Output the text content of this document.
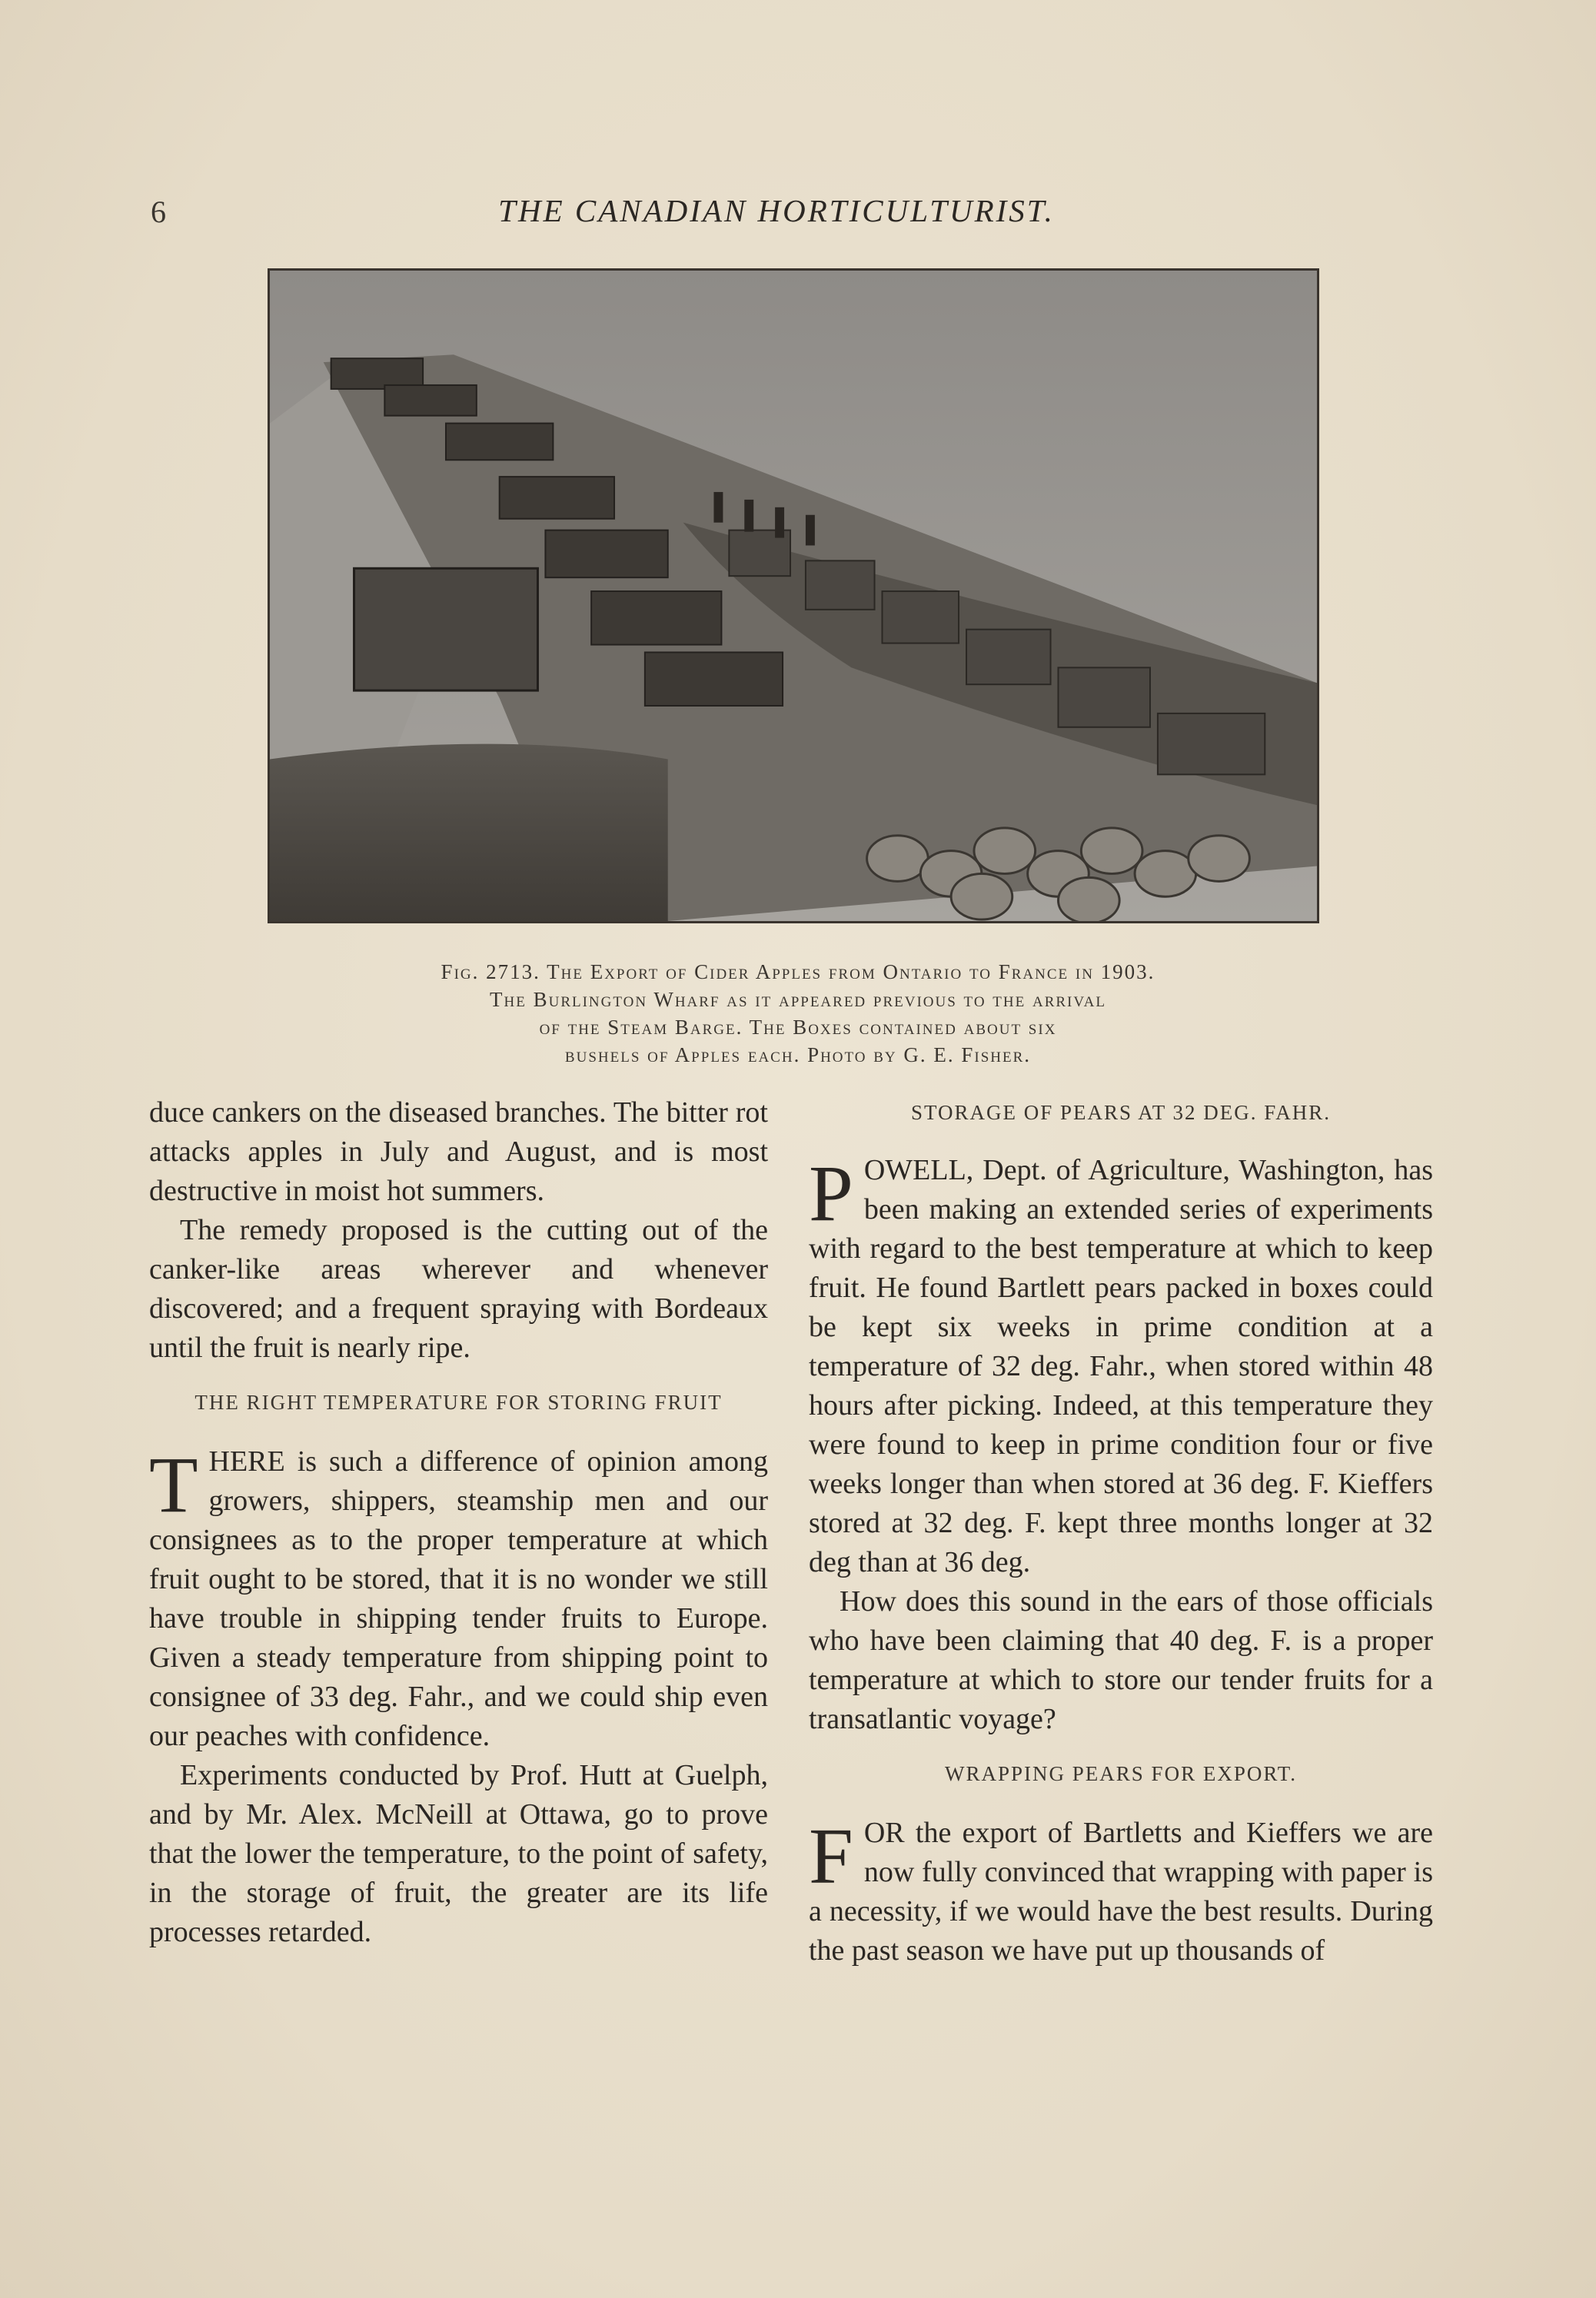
6	THE CANADIAN HORTICULTURIST.
Fig. 2713. The Export of Cider Apples from Ontario to France in 1903.
The Burlington Wharf as it appeared previous to the arrival
of the Steam Barge. The Boxes contained about six
bushels of Apples each. Photo by G. E. Fisher.

duce cankers on the diseased branches. The bitter rot attacks apples in July and August, and is most destructive in moist hot summers.

The remedy proposed is the cutting out of the canker-like areas wherever and whenever discovered; and a frequent spraying with Bordeaux until the fruit is nearly ripe.

THE RIGHT TEMPERATURE FOR STORING FRUIT

THERE is such a difference of opinion among growers, shippers, steamship men and our consignees as to the proper temperature at which fruit ought to be stored, that it is no wonder we still have trouble in shipping tender fruits to Europe. Given a steady temperature from shipping point to consignee of 33 deg. Fahr., and we could ship even our peaches with confidence.

Experiments conducted by Prof. Hutt at Guelph, and by Mr. Alex. McNeill at Ottawa, go to prove that the lower the temperature, to the point of safety, in the storage of fruit, the greater are its life processes retarded.

STORAGE OF PEARS AT 32 DEG. FAHR.

POWELL, Dept. of Agriculture, Washington, has been making an extended series of experiments with regard to the best temperature at which to keep fruit. He found Bartlett pears packed in boxes could be kept six weeks in prime condition at a temperature of 32 deg. Fahr., when stored within 48 hours after picking. Indeed, at this temperature they were found to keep in prime condition four or five weeks longer than when stored at 36 deg. F. Kieffers stored at 32 deg. F. kept three months longer at 32 deg than at 36 deg.

How does this sound in the ears of those officials who have been claiming that 40 deg. F. is a proper temperature at which to store our tender fruits for a transatlantic voyage?

WRAPPING PEARS FOR EXPORT.

FOR the export of Bartletts and Kieffers we are now fully convinced that wrapping with paper is a necessity, if we would have the best results. During the past season we have put up thousands of
